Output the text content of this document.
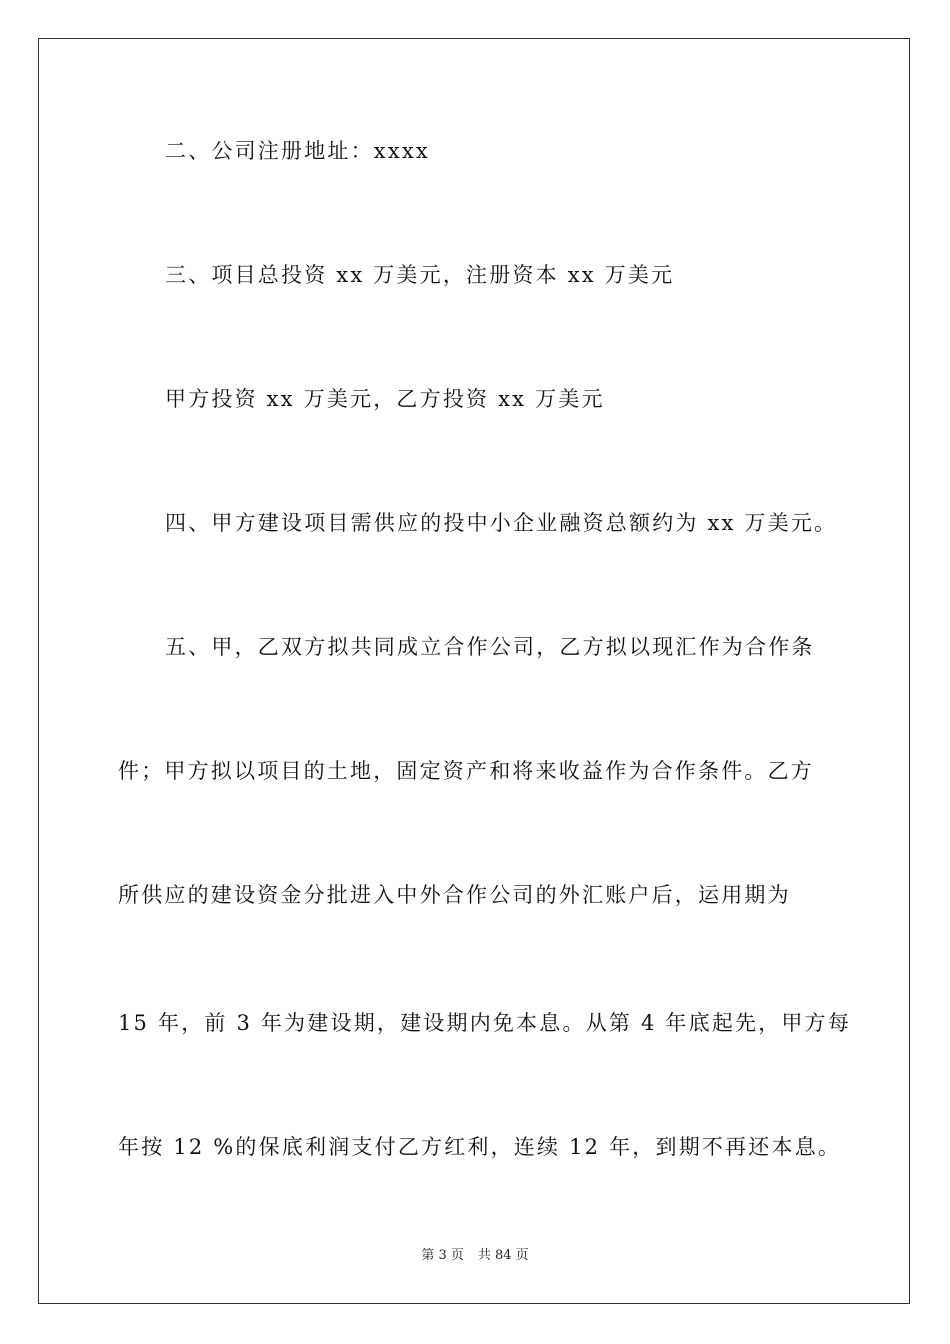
二、公司注册地址：xxxx
三、项目总投资 xx 万美元，注册资本 xx 万美元
甲方投资 xx 万美元，乙方投资 xx 万美元
四、甲方建设项目需供应的投中小企业融资总额约为 xx 万美元。
五、甲，乙双方拟共同成立合作公司，乙方拟以现汇作为合作条
件；甲方拟以项目的土地，固定资产和将来收益作为合作条件。乙方
所供应的建设资金分批进入中外合作公司的外汇账户后，运用期为
15 年，前 3 年为建设期，建设期内免本息。从第 4 年底起先，甲方每
年按 12 %的保底利润支付乙方红利，连续 12 年，到期不再还本息。
第 3 页 共 84 页
